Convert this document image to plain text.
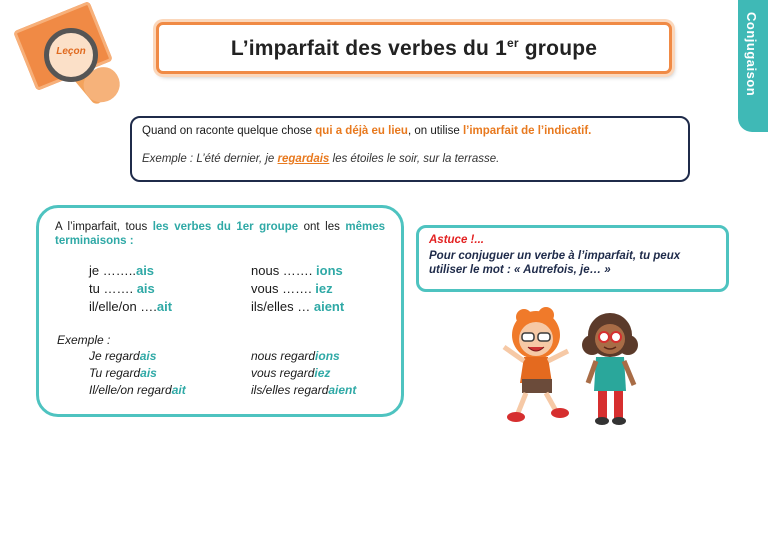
Leçon	L’imparfait des verbes du 1er groupe	Conjugaison

Quand on raconte quelque chose qui a déjà eu lieu, on utilise l’imparfait de l’indicatif.

Exemple : L’été dernier, je regardais les étoiles le soir, sur la terrasse.

A l’imparfait, tous les verbes du 1er groupe ont les mêmes terminaisons :
je ……..ais
tu ……. ais
il/elle/on ….ait
nous ……. ions
vous ……. iez
ils/elles … aient
Exemple :
Je regardais
Tu regardais
Il/elle/on regardait
nous regardions
vous regardiez
ils/elles regardaient
Astuce !...
Pour conjuguer un verbe à l’imparfait, tu peux utiliser le mot : « Autrefois, je… »
